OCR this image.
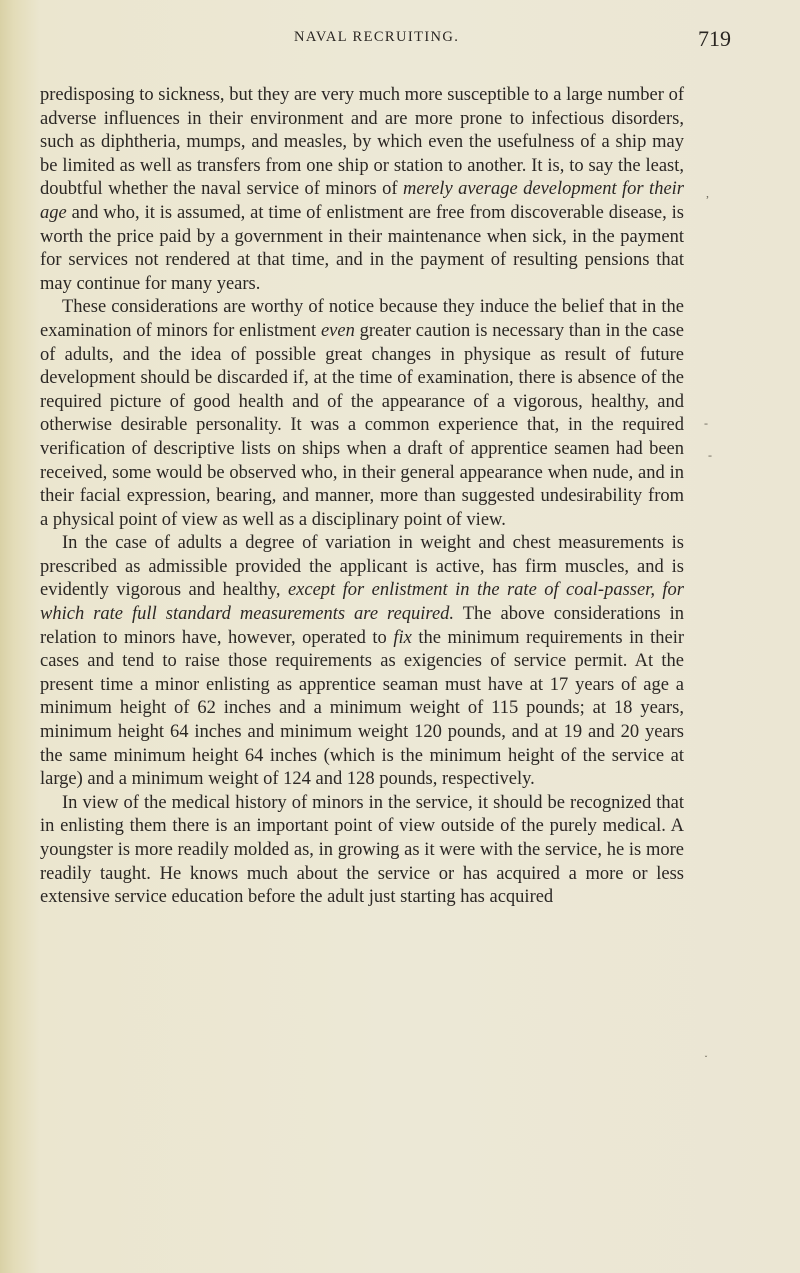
NAVAL RECRUITING.	719

predisposing to sickness, but they are very much more susceptible to a large number of adverse influences in their environment and are more prone to infectious disorders, such as diphtheria, mumps, and measles, by which even the usefulness of a ship may be limited as well as transfers from one ship or station to another. It is, to say the least, doubtful whether the naval service of minors of merely average development for their age and who, it is assumed, at time of enlistment are free from discoverable disease, is worth the price paid by a government in their maintenance when sick, in the payment for services not rendered at that time, and in the payment of resulting pensions that may continue for many years.

These considerations are worthy of notice because they induce the belief that in the examination of minors for enlistment even greater caution is necessary than in the case of adults, and the idea of possible great changes in physique as result of future development should be discarded if, at the time of examination, there is absence of the required picture of good health and of the appearance of a vigorous, healthy, and otherwise desirable personality. It was a common experience that, in the required verification of descriptive lists on ships when a draft of apprentice seamen had been received, some would be observed who, in their general appearance when nude, and in their facial expression, bearing, and manner, more than suggested undesirability from a physical point of view as well as a disciplinary point of view.

In the case of adults a degree of variation in weight and chest measurements is prescribed as admissible provided the applicant is active, has firm muscles, and is evidently vigorous and healthy, except for enlistment in the rate of coal-passer, for which rate full standard measurements are required. The above considerations in relation to minors have, however, operated to fix the minimum requirements in their cases and tend to raise those requirements as exigencies of service permit. At the present time a minor enlisting as apprentice seaman must have at 17 years of age a minimum height of 62 inches and a minimum weight of 115 pounds; at 18 years, minimum height 64 inches and minimum weight 120 pounds, and at 19 and 20 years the same minimum height 64 inches (which is the minimum height of the service at large) and a minimum weight of 124 and 128 pounds, respectively.

In view of the medical history of minors in the service, it should be recognized that in enlisting them there is an important point of view outside of the purely medical. A youngster is more readily molded as, in growing as it were with the service, he is more readily taught. He knows much about the service or has acquired a more or less extensive service education before the adult just starting has acquired

,
-
-
˯
